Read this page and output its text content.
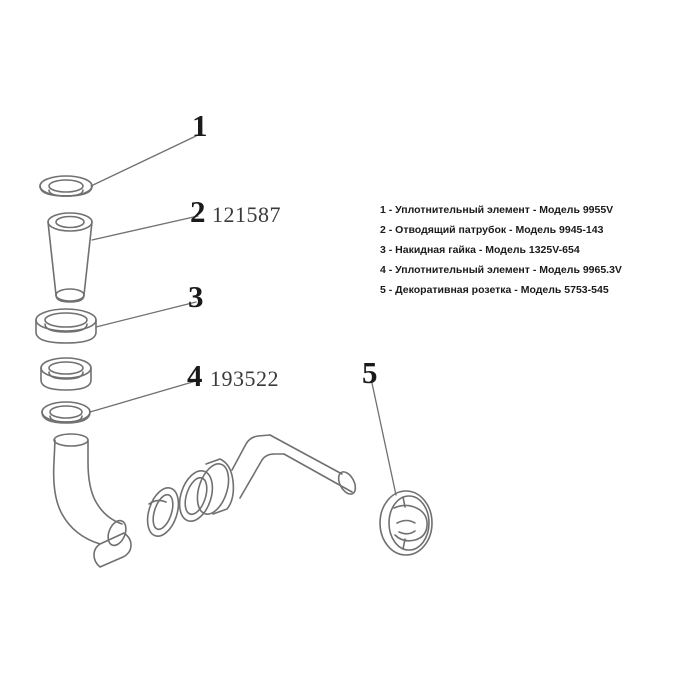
1
2
3
4	5
121587
193522
1 - Уплотнительный элемент - Модель 9955V
2 - Отводящий патрубок - Модель 9945-143
3 - Накидная гайка - Модель 1325V-654
4 - Уплотнительный элемент - Модель 9965.3V
5 - Декоративная розетка - Модель 5753-545
